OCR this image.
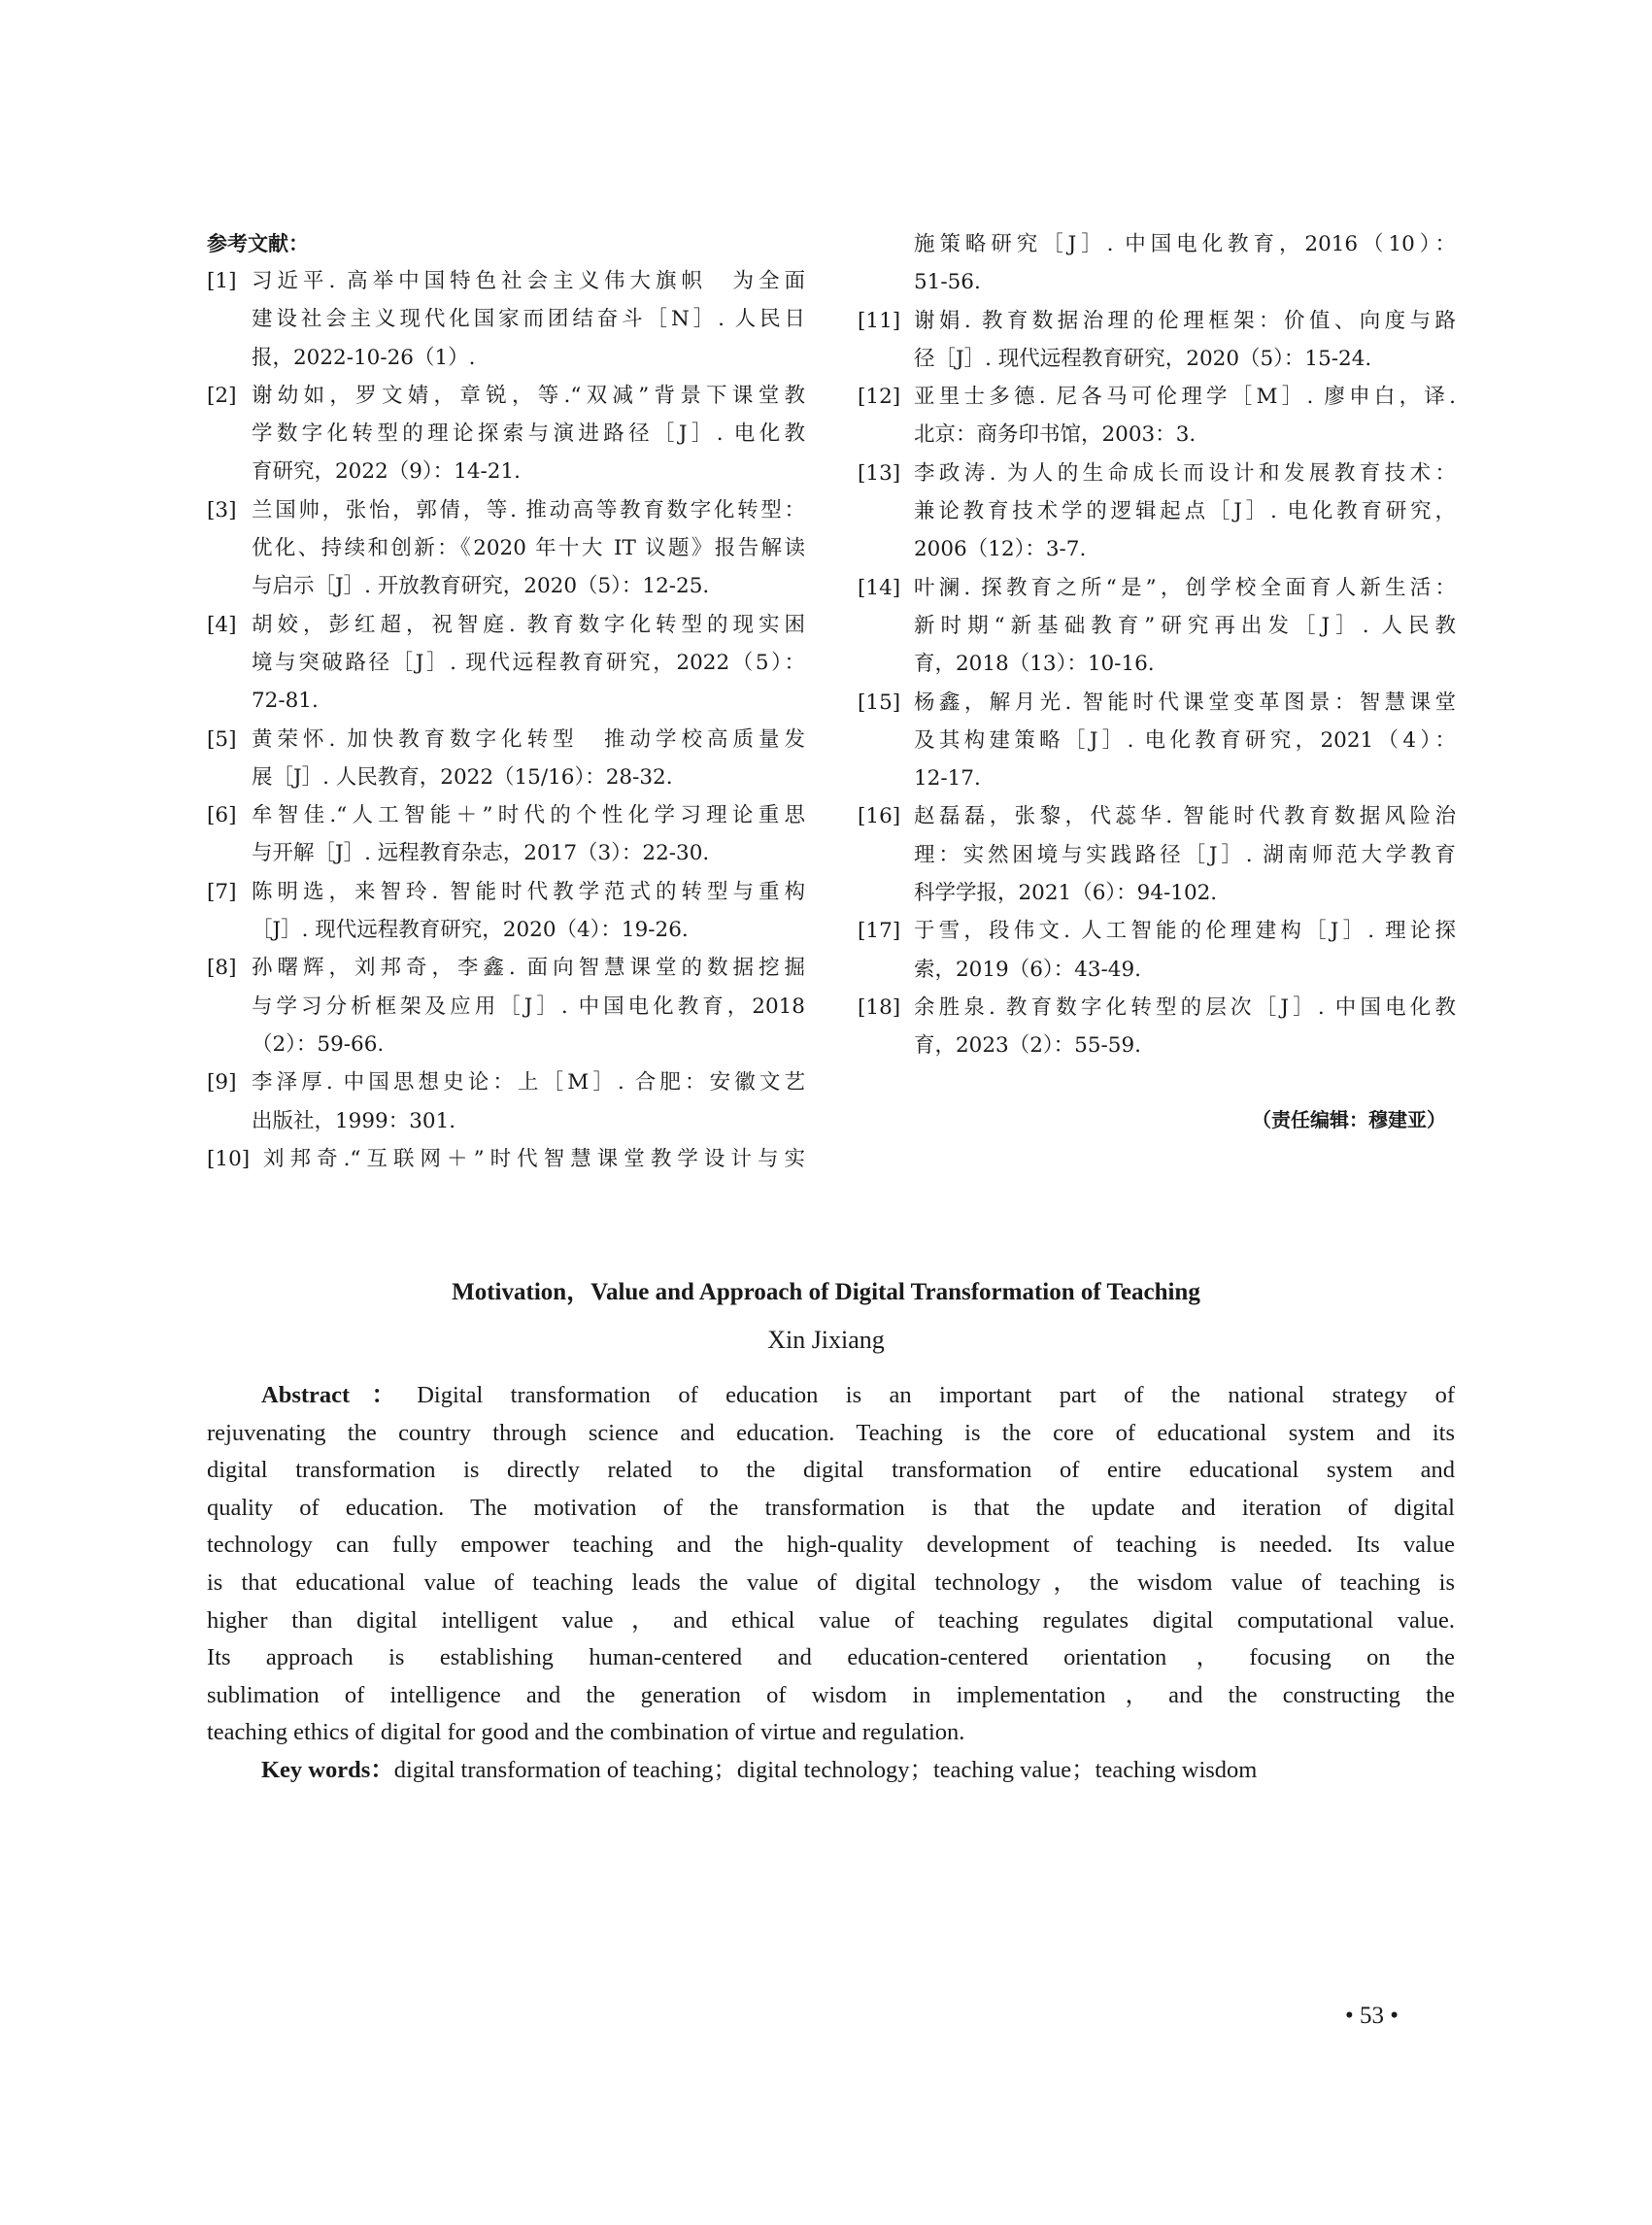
参考文献：
[1] 习近平. 高举中国特色社会主义伟大旗帜　为全面
建设社会主义现代化国家而团结奋斗［N］. 人民日
报，2022-10-26（1）.
[2] 谢幼如，罗文婧，章锐，等.“双减”背景下课堂教
学数字化转型的理论探索与演进路径［J］. 电化教
育研究，2022（9）：14-21.
[3] 兰国帅，张怡，郭倩，等. 推动高等教育数字化转型：
优化、持续和创新：《2020 年十大 IT 议题》报告解读
与启示［J］. 开放教育研究，2020（5）：12-25.
[4] 胡姣，彭红超，祝智庭. 教育数字化转型的现实困
境与突破路径［J］. 现代远程教育研究，2022（5）：
72-81.
[5] 黄荣怀. 加快教育数字化转型　推动学校高质量发
展［J］. 人民教育，2022（15/16）：28-32.
[6] 牟智佳.“人工智能＋”时代的个性化学习理论重思
与开解［J］. 远程教育杂志，2017（3）：22-30.
[7] 陈明选，来智玲. 智能时代教学范式的转型与重构
［J］. 现代远程教育研究，2020（4）：19-26.
[8] 孙曙辉，刘邦奇，李鑫. 面向智慧课堂的数据挖掘
与学习分析框架及应用［J］. 中国电化教育，2018
（2）：59-66.
[9] 李泽厚. 中国思想史论：上［M］. 合肥：安徽文艺
出版社，1999：301.
[10] 刘邦奇.“互联网＋”时代智慧课堂教学设计与实
施策略研究［J］. 中国电化教育，2016（10）：
51-56.
[11] 谢娟. 教育数据治理的伦理框架：价值、向度与路
径［J］. 现代远程教育研究，2020（5）：15-24.
[12] 亚里士多德. 尼各马可伦理学［M］. 廖申白，译.
北京：商务印书馆，2003：3.
[13] 李政涛. 为人的生命成长而设计和发展教育技术：
兼论教育技术学的逻辑起点［J］. 电化教育研究，
2006（12）：3-7.
[14] 叶澜. 探教育之所“是”，创学校全面育人新生活：
新时期“新基础教育”研究再出发［J］. 人民教
育，2018（13）：10-16.
[15] 杨鑫，解月光. 智能时代课堂变革图景：智慧课堂
及其构建策略［J］. 电化教育研究，2021（4）：
12-17.
[16] 赵磊磊，张黎，代蕊华. 智能时代教育数据风险治
理：实然困境与实践路径［J］. 湖南师范大学教育
科学学报，2021（6）：94-102.
[17] 于雪，段伟文. 人工智能的伦理建构［J］. 理论探
索，2019（6）：43-49.
[18] 余胜泉. 教育数字化转型的层次［J］. 中国电化教
育，2023（2）：55-59.
（责任编辑：穆建亚）
Motivation，Value and Approach of Digital Transformation of Teaching
Xin Jixiang
Abstract：Digital transformation of education is an important part of the national strategy of
rejuvenating the country through science and education. Teaching is the core of educational system and its
digital transformation is directly related to the digital transformation of entire educational system and
quality of education. The motivation of the transformation is that the update and iteration of digital
technology can fully empower teaching and the high-quality development of teaching is needed. Its value
is that educational value of teaching leads the value of digital technology，the wisdom value of teaching is
higher than digital intelligent value，and ethical value of teaching regulates digital computational value.
Its approach is establishing human-centered and education-centered orientation，focusing on the
sublimation of intelligence and the generation of wisdom in implementation，and the constructing the
teaching ethics of digital for good and the combination of virtue and regulation.
Key words：digital transformation of teaching；digital technology；teaching value；teaching wisdom
• 53 •
